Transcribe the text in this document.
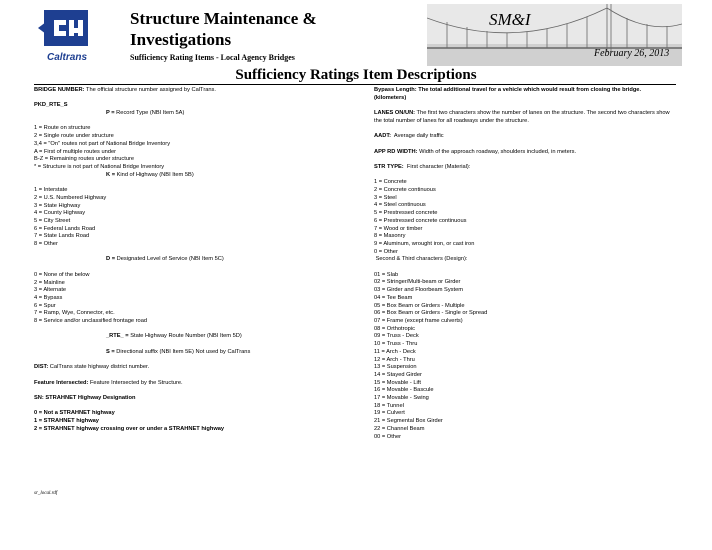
Caltrans
Structure Maintenance &
Investigations
Sufficiency Rating Items - Local Agency Bridges
SM&I
February 26, 2013
Sufficiency Ratings Item Descriptions
BRIDGE NUMBER: The official structure number assigned by CalTrans.
PKD_RTE_S
P = Record Type (NBI Item 5A)
1 = Route on structure
2 = Single route under structure
3,4 = "On" routes not part of National Bridge Inventory
A = First of multiple routes under
B-Z = Remaining routes under structure
* = Structure is not part of National Bridge Inventory
K = Kind of Highway (NBI Item 5B)
1 = Interstate
2 = U.S. Numbered Highway
3 = State Highway
4 = County Highway
5 = City Street
6 = Federal Lands Road
7 = State Lands Road
8 = Other
D = Designated Level of Service (NBI Item 5C)
0 = None of the below
2 = Mainline
3 = Alternate
4 = Bypass
6 = Spur
7 = Ramp, Wye, Connector, etc.
8 = Service and/or unclassified frontage road
_RTE_ = State Highway Route Number (NBI Item 5D)
S = Directional suffix (NBI Item 5E) Not used by CalTrans
DIST: CalTrans state highway district number.
Feature Intersected: Feature Intersected by the Structure.
SN: STRAHNET Highway Designation
0 = Not a STRAHNET highway
1 = STRAHNET highway
2 = STRAHNET highway crossing over or under a STRAHNET highway
Bypass Length: The total additional travel for a vehicle which would result from closing the bridge. (kilometers)
LANES ON/UN: The first two characters show the number of lanes on the structure. The second two characters show the total number of lanes for all roadways under the structure.
AADT:  Average daily traffic
APP RD WIDTH: Width of the approach roadway, shoulders included, in meters.
STR TYPE:  First character (Material):
1 = Concrete
2 = Concrete continuous
3 = Steel
4 = Steel continuous
5 = Prestressed concrete
6 = Prestressed concrete continuous
7 = Wood or timber
8 = Masonry
9 = Aluminum, wrought iron, or cast iron
0 = Other
Second & Third characters (Design):
01 = Slab
02 = Stringer/Multi-beam or Girder
03 = Girder and Floorbeam System
04 = Tee Beam
05 = Box Beam or Girders - Multiple
06 = Box Beam or Girders - Single or Spread
07 = Frame (except frame culverts)
08 = Orthotropic
09 = Truss - Deck
10 = Truss - Thru
11 = Arch - Deck
12 = Arch - Thru
13 = Suspension
14 = Stayed Girder
15 = Movable - Lift
16 = Movable - Bascule
17 = Movable - Swing
18 = Tunnel
19 = Culvert
21 = Segmental Box Girder
22 = Channel Beam
00 = Other
sr_local.rdf
